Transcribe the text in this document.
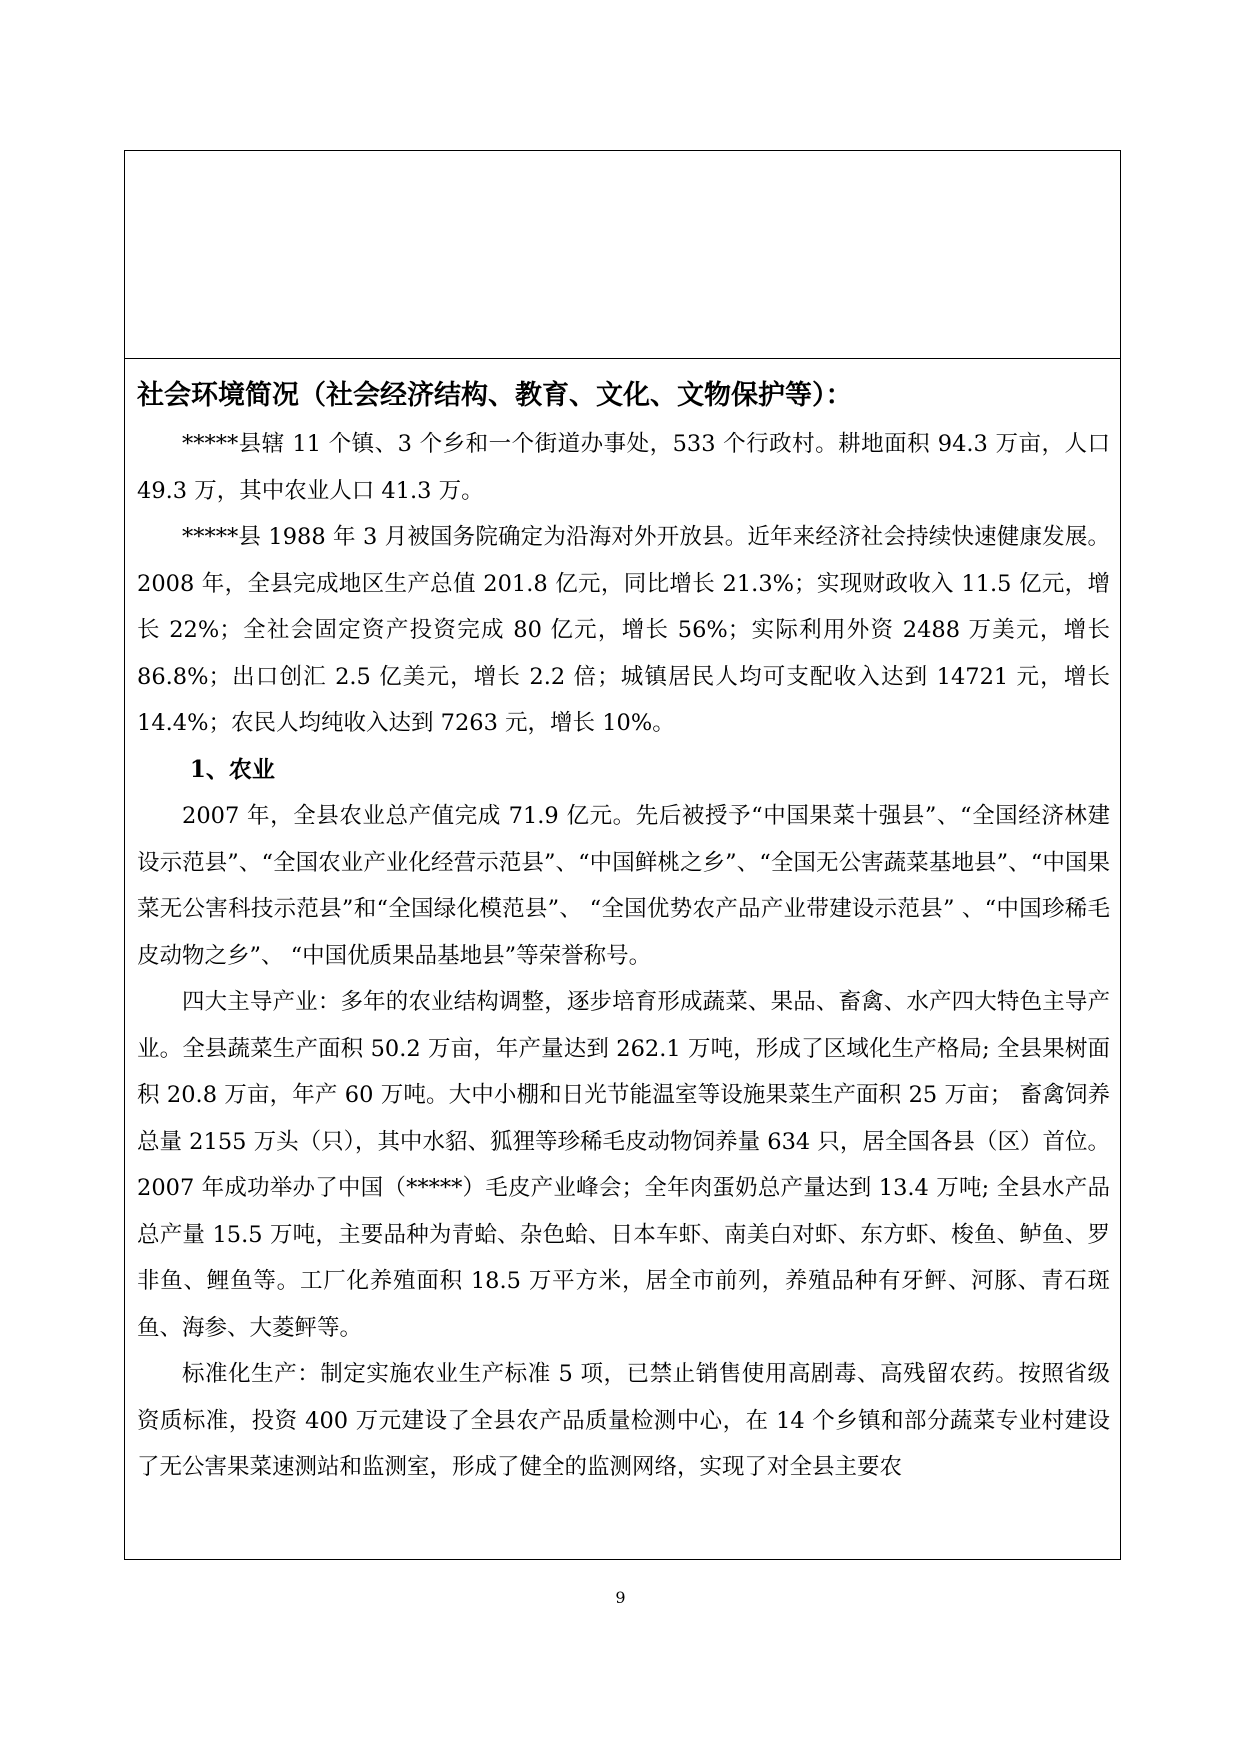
社会环境简况（社会经济结构、教育、文化、文物保护等）：

*****县辖 11 个镇、3 个乡和一个街道办事处，533 个行政村。耕地面积 94.3 万亩，人口 49.3 万，其中农业人口 41.3 万。

*****县 1988 年 3 月被国务院确定为沿海对外开放县。近年来经济社会持续快速健康发展。2008 年，全县完成地区生产总值 201.8 亿元，同比增长 21.3%；实现财政收入 11.5 亿元，增长 22%；全社会固定资产投资完成 80 亿元，增长 56%；实际利用外资 2488 万美元，增长 86.8%；出口创汇 2.5 亿美元，增长 2.2 倍；城镇居民人均可支配收入达到 14721 元，增长 14.4%；农民人均纯收入达到 7263 元，增长 10%。

1、农业

2007 年，全县农业总产值完成 71.9 亿元。先后被授予“中国果菜十强县”、“全国经济林建设示范县”、“全国农业产业化经营示范县”、“中国鲜桃之乡”、“全国无公害蔬菜基地县”、“中国果菜无公害科技示范县”和“全国绿化模范县”、 “全国优势农产品产业带建设示范县” 、“中国珍稀毛皮动物之乡”、 “中国优质果品基地县”等荣誉称号。

四大主导产业：多年的农业结构调整，逐步培育形成蔬菜、果品、畜禽、水产四大特色主导产业。全县蔬菜生产面积 50.2 万亩，年产量达到 262.1 万吨，形成了区域化生产格局; 全县果树面积 20.8 万亩，年产 60 万吨。大中小棚和日光节能温室等设施果菜生产面积 25 万亩； 畜禽饲养总量 2155 万头（只），其中水貂、狐狸等珍稀毛皮动物饲养量 634 只，居全国各县（区）首位。2007 年成功举办了中国（*****）毛皮产业峰会；全年肉蛋奶总产量达到 13.4 万吨; 全县水产品总产量 15.5 万吨，主要品种为青蛤、杂色蛤、日本车虾、南美白对虾、东方虾、梭鱼、鲈鱼、罗非鱼、鲤鱼等。工厂化养殖面积 18.5 万平方米，居全市前列，养殖品种有牙鲆、河豚、青石斑鱼、海参、大菱鲆等。

标准化生产：制定实施农业生产标准 5 项，已禁止销售使用高剧毒、高残留农药。按照省级资质标准，投资 400 万元建设了全县农产品质量检测中心，在 14 个乡镇和部分蔬菜专业村建设了无公害果菜速测站和监测室，形成了健全的监测网络，实现了对全县主要农

9
